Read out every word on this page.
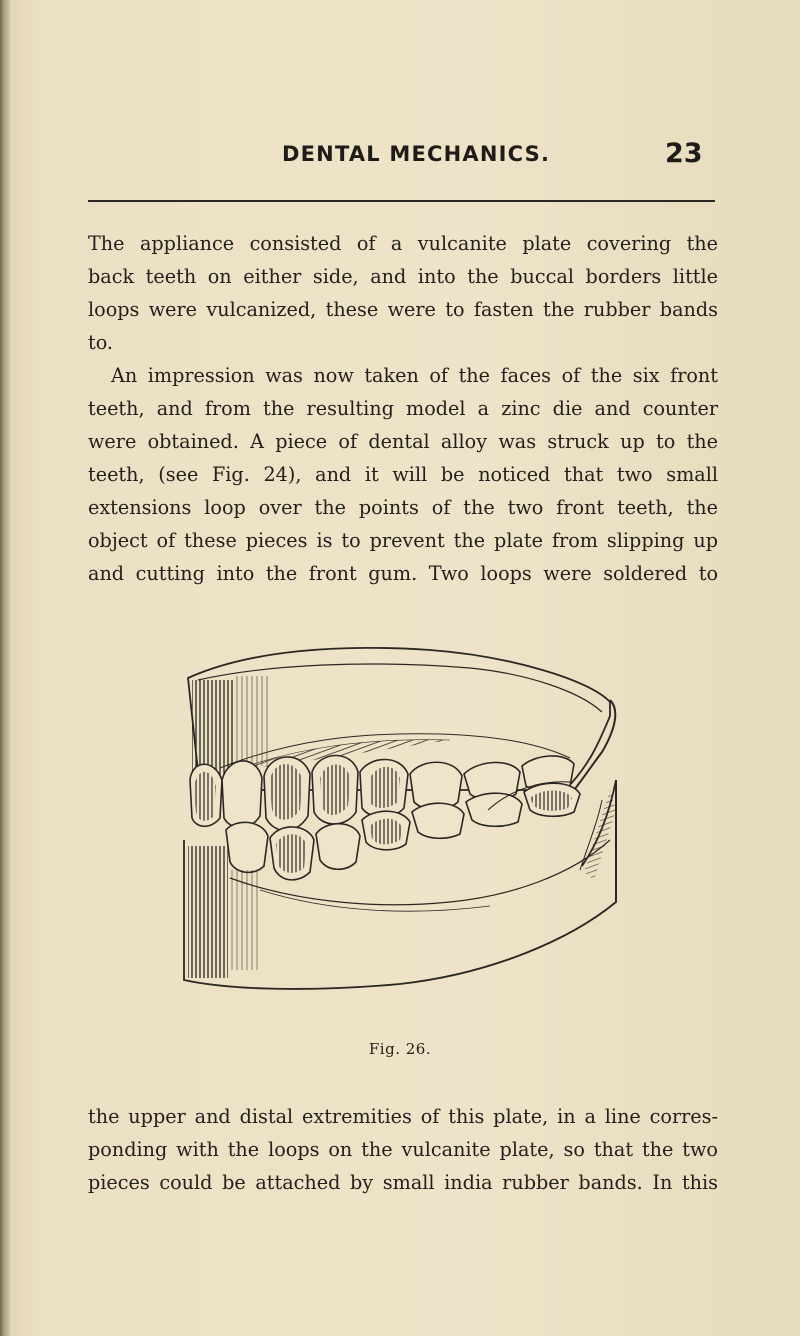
DENTAL MECHANICS.	23

The appliance consisted of a vulcanite plate covering the
back teeth on either side, and into the buccal borders little
loops were vulcanized, these were to fasten the rubber bands
to.

An impression was now taken of the faces of the six front
teeth, and from the resulting model a zinc die and counter
were obtained. A piece of dental alloy was struck up to the
teeth, (see Fig. 24), and it will be noticed that two small
extensions loop over the points of the two front teeth, the
object of these pieces is to prevent the plate from slipping up
and cutting into the front gum. Two loops were soldered to

Fig. 26.

the upper and distal extremities of this plate, in a line corres-
ponding with the loops on the vulcanite plate, so that the two
pieces could be attached by small india rubber bands. In this
